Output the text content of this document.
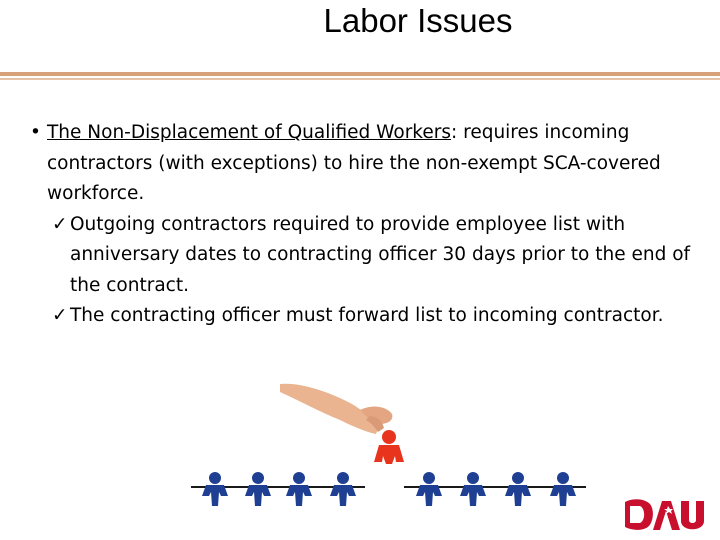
Labor Issues
• The Non-Displacement of Qualified Workers: requires incoming contractors (with exceptions) to hire the non-exempt SCA-covered workforce.
✓ Outgoing contractors required to provide employee list with anniversary dates to contracting officer 30 days prior to the end of the contract.
✓ The contracting officer must forward list to incoming contractor.
